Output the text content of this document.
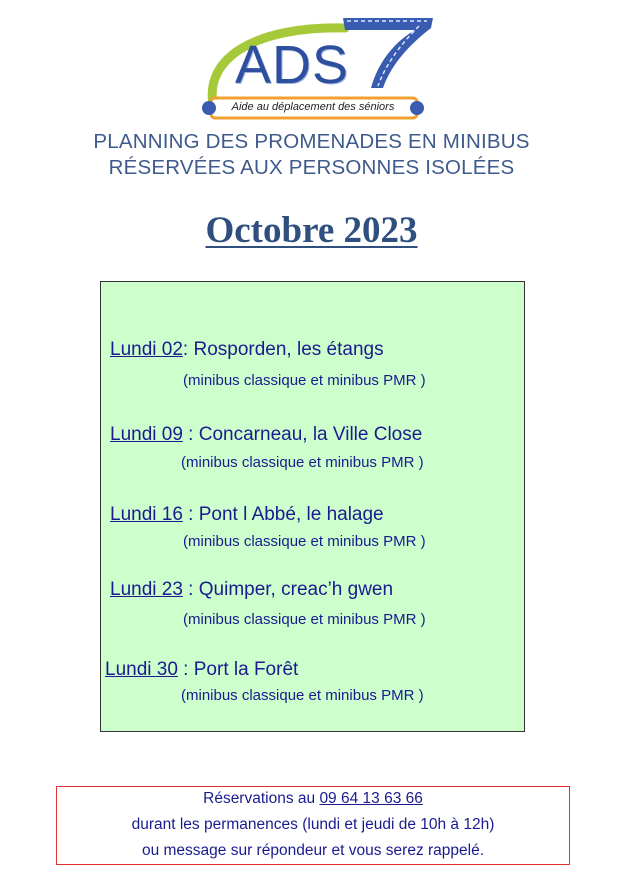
ADS
Aide au déplacement des séniors
PLANNING DES PROMENADES EN MINIBUS
RÉSERVÉES AUX PERSONNES ISOLÉES
Octobre 2023
Lundi 02: Rosporden, les étangs
(minibus classique et minibus PMR )
Lundi 09 : Concarneau, la Ville Close
(minibus classique et minibus PMR )
Lundi 16 : Pont l Abbé, le halage
(minibus classique et minibus PMR )
Lundi 23 : Quimper, creac’h gwen
(minibus classique et minibus PMR )
Lundi 30 : Port la Forêt
(minibus classique et minibus PMR )
Réservations au 09 64 13 63 66
durant les permanences (lundi et jeudi de 10h à 12h)
ou message sur répondeur et vous serez rappelé.
